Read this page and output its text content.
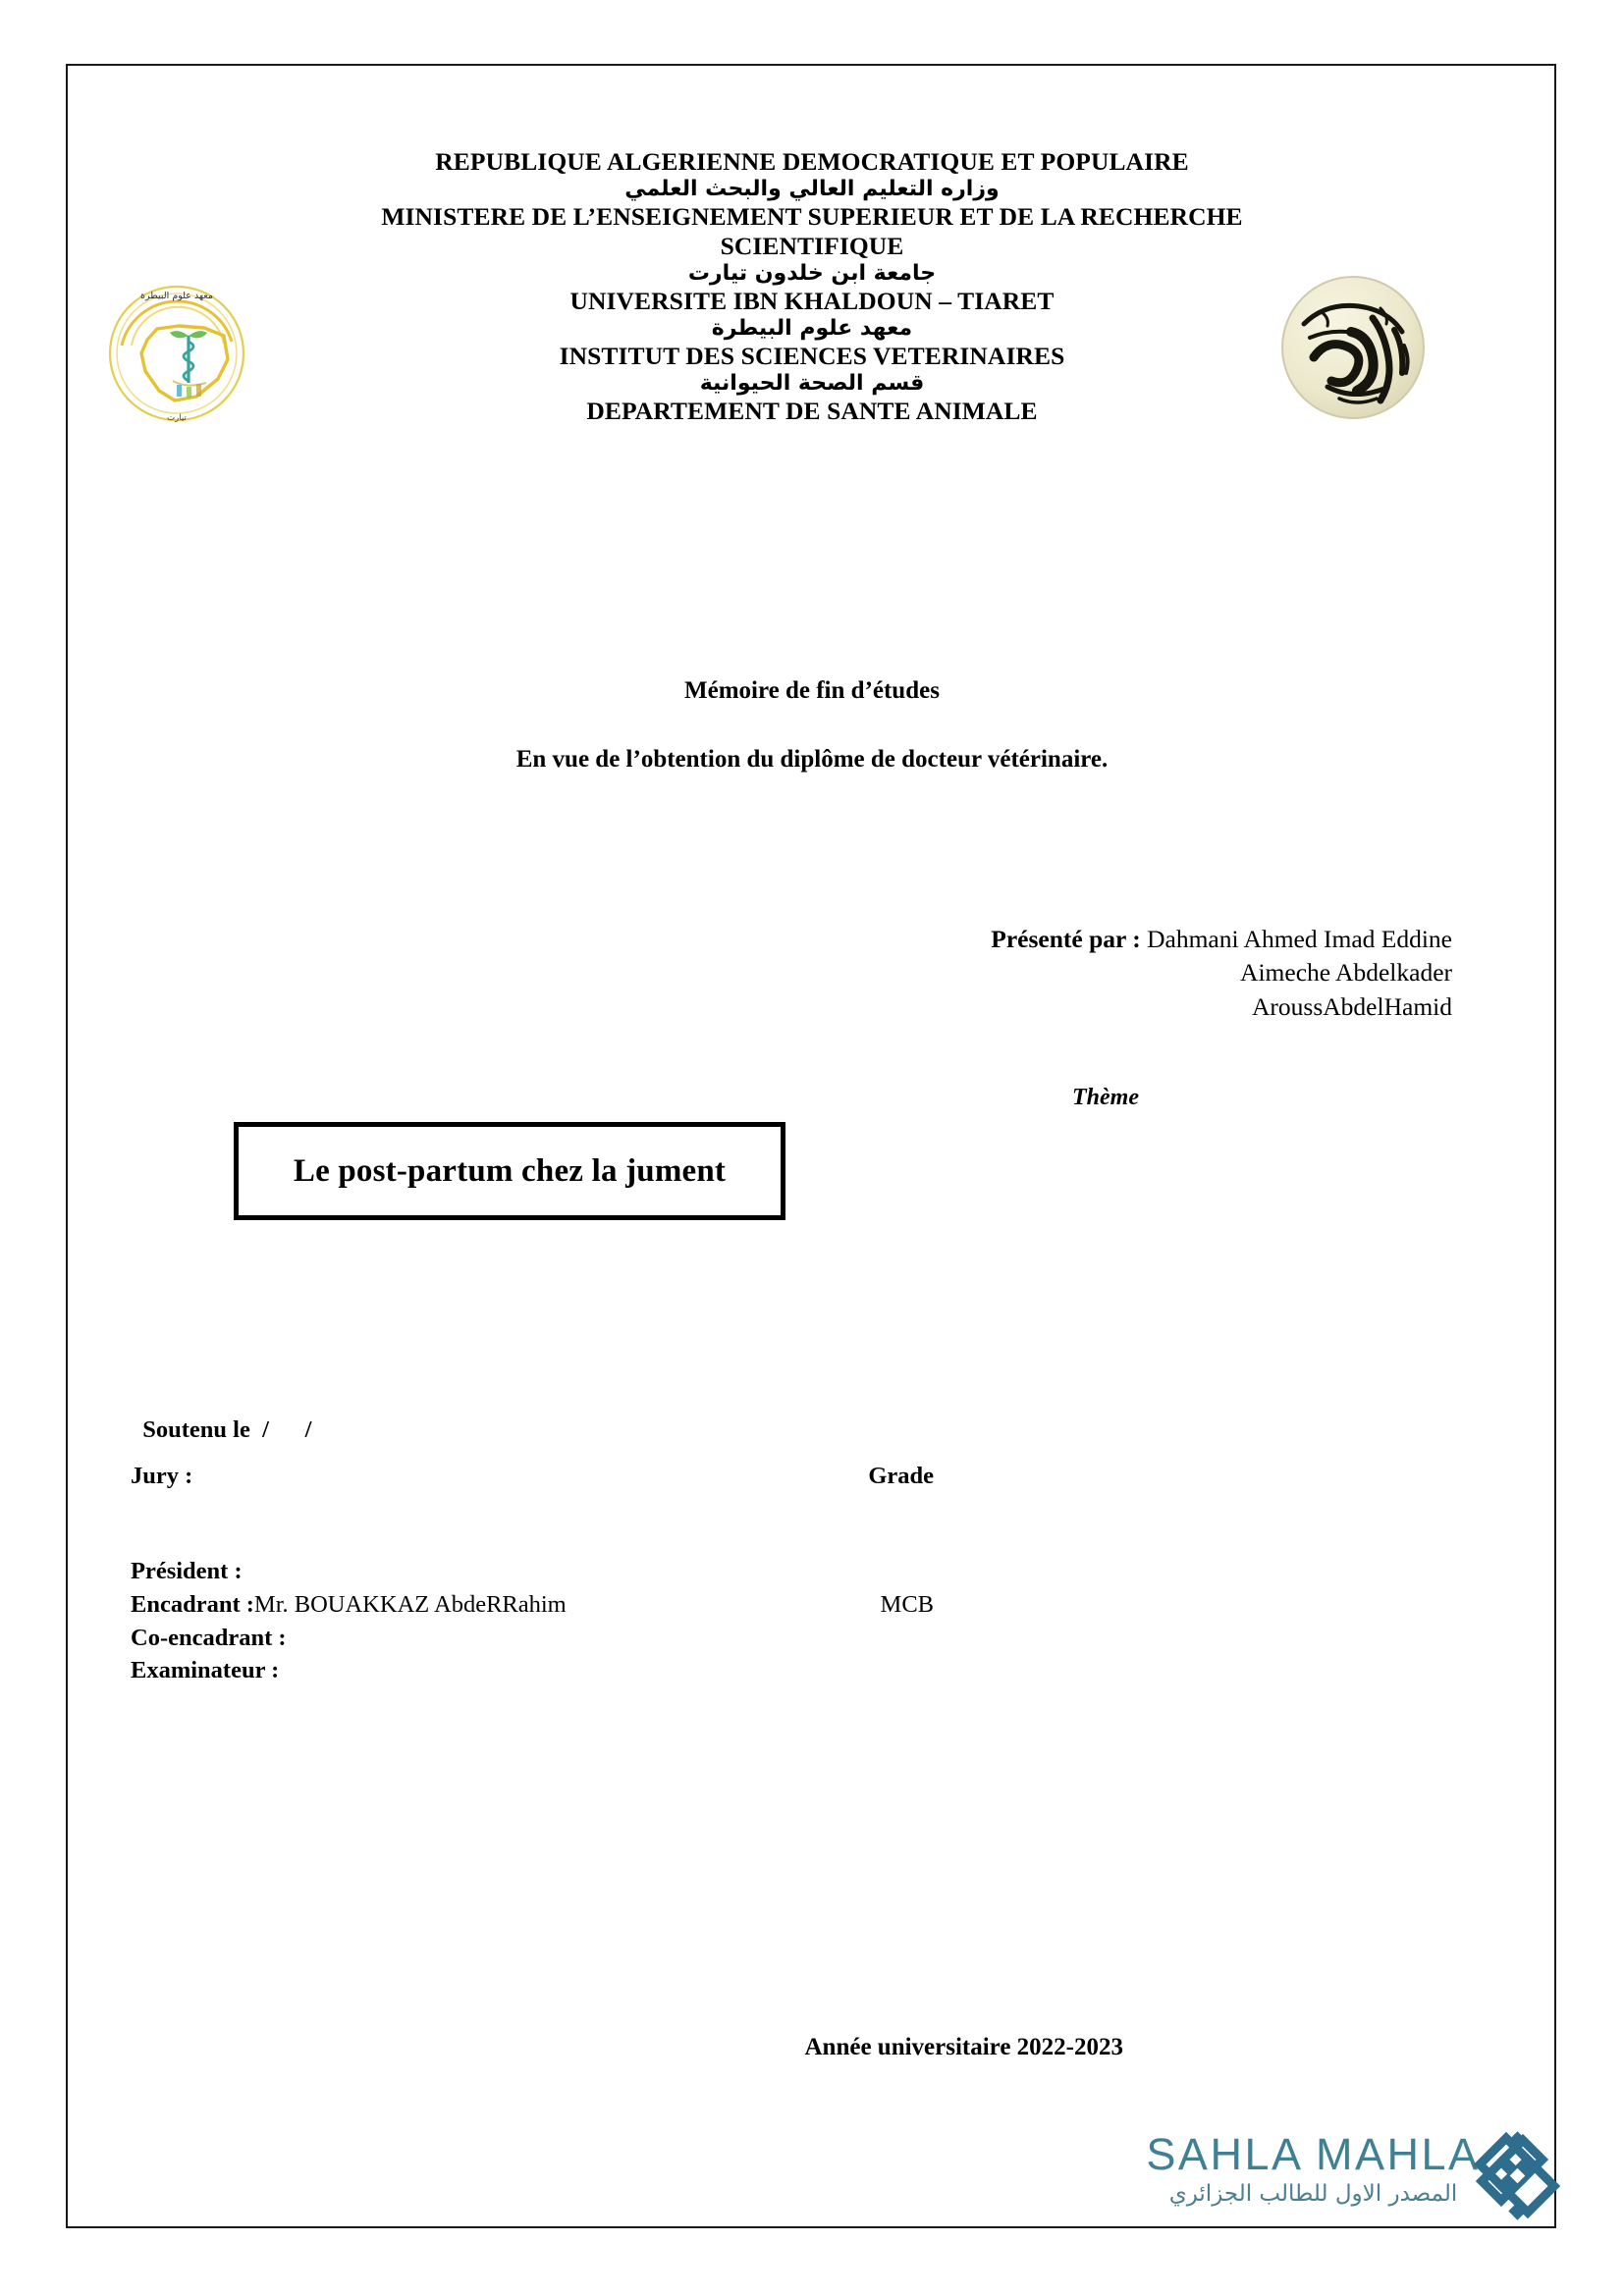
REPUBLIQUE ALGERIENNE DEMOCRATIQUE ET POPULAIRE
وزاره التعليم العالي والبحث العلمي
MINISTERE DE L’ENSEIGNEMENT SUPERIEUR ET DE LA RECHERCHE SCIENTIFIQUE
جامعة ابن خلدون تيارت
UNIVERSITE IBN KHALDOUN – TIARET
معهد علوم البيطرة
INSTITUT DES SCIENCES VETERINAIRES
قسم الصحة الحيوانية
DEPARTEMENT DE SANTE ANIMALE
معهد علوم البيطرة
تيارت
Mémoire de fin d’études
En vue de l’obtention du diplôme de docteur vétérinaire.
Présenté par : Dahmani Ahmed Imad Eddine
Aimeche Abdelkader
AroussAbdelHamid
Thème
Le post-partum chez la jument

Soutenu le /      /

Jury :	Grade
Président :
Encadrant :Mr. BOUAKKAZ AbdeRRahim	MCB
Co-encadrant :
Examinateur :
Année universitaire 2022-2023
SAHLA MAHLA
المصدر الاول للطالب الجزائري
